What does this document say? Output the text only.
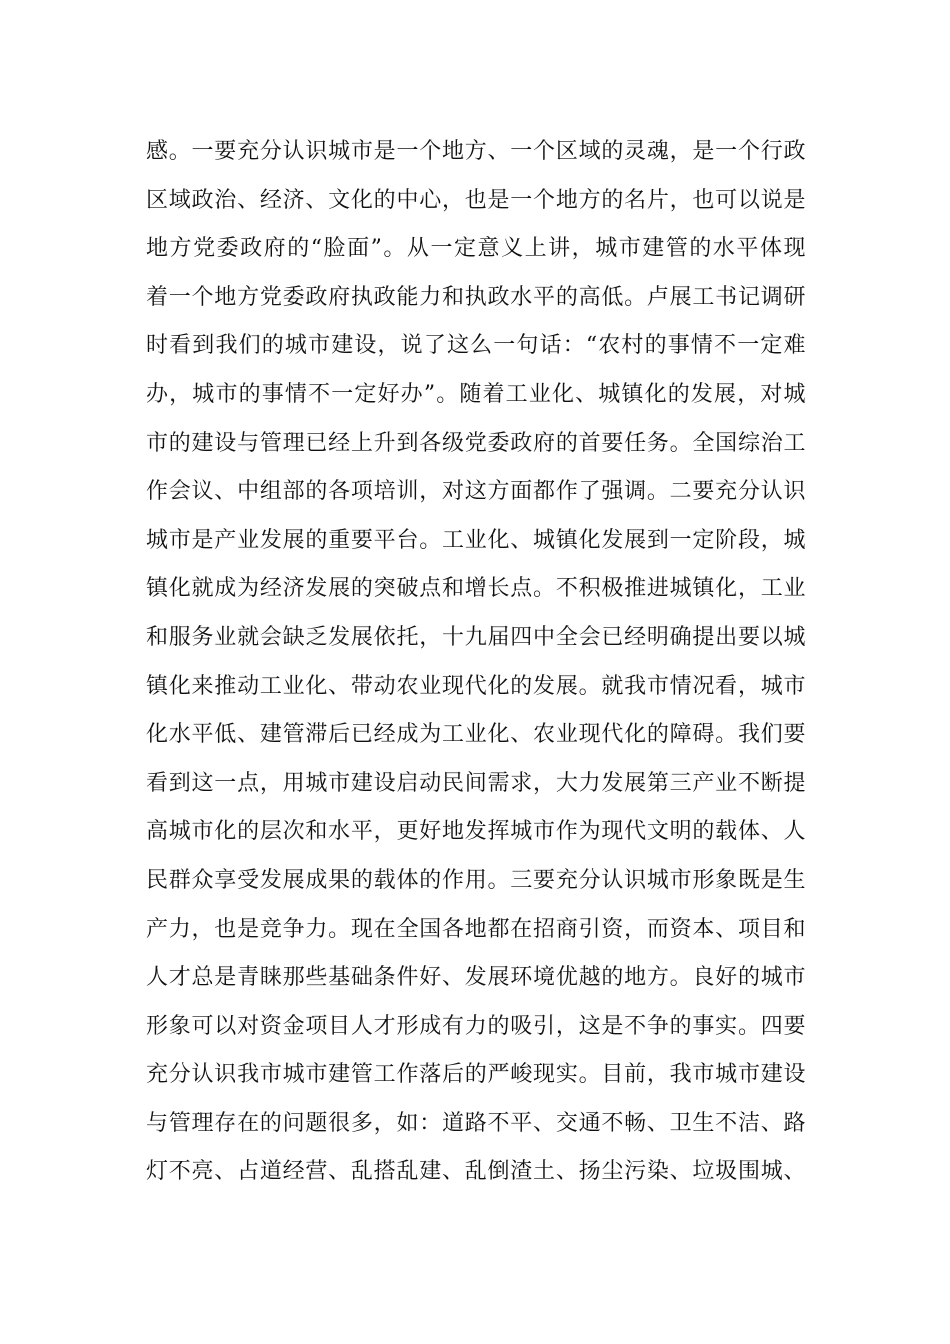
感。一要充分认识城市是一个地方、一个区域的灵魂，是一个行政
区域政治、经济、文化的中心，也是一个地方的名片，也可以说是
地方党委政府的“脸面”。从一定意义上讲，城市建管的水平体现
着一个地方党委政府执政能力和执政水平的高低。卢展工书记调研
时看到我们的城市建设，说了这么一句话：“农村的事情不一定难
办，城市的事情不一定好办”。随着工业化、城镇化的发展，对城
市的建设与管理已经上升到各级党委政府的首要任务。全国综治工
作会议、中组部的各项培训，对这方面都作了强调。二要充分认识
城市是产业发展的重要平台。工业化、城镇化发展到一定阶段，城
镇化就成为经济发展的突破点和增长点。不积极推进城镇化，工业
和服务业就会缺乏发展依托，十九届四中全会已经明确提出要以城
镇化来推动工业化、带动农业现代化的发展。就我市情况看，城市
化水平低、建管滞后已经成为工业化、农业现代化的障碍。我们要
看到这一点，用城市建设启动民间需求，大力发展第三产业不断提
高城市化的层次和水平，更好地发挥城市作为现代文明的载体、人
民群众享受发展成果的载体的作用。三要充分认识城市形象既是生
产力，也是竞争力。现在全国各地都在招商引资，而资本、项目和
人才总是青睐那些基础条件好、发展环境优越的地方。良好的城市
形象可以对资金项目人才形成有力的吸引，这是不争的事实。四要
充分认识我市城市建管工作落后的严峻现实。目前，我市城市建设
与管理存在的问题很多，如：道路不平、交通不畅、卫生不洁、路
灯不亮、占道经营、乱搭乱建、乱倒渣土、扬尘污染、垃圾围城、
